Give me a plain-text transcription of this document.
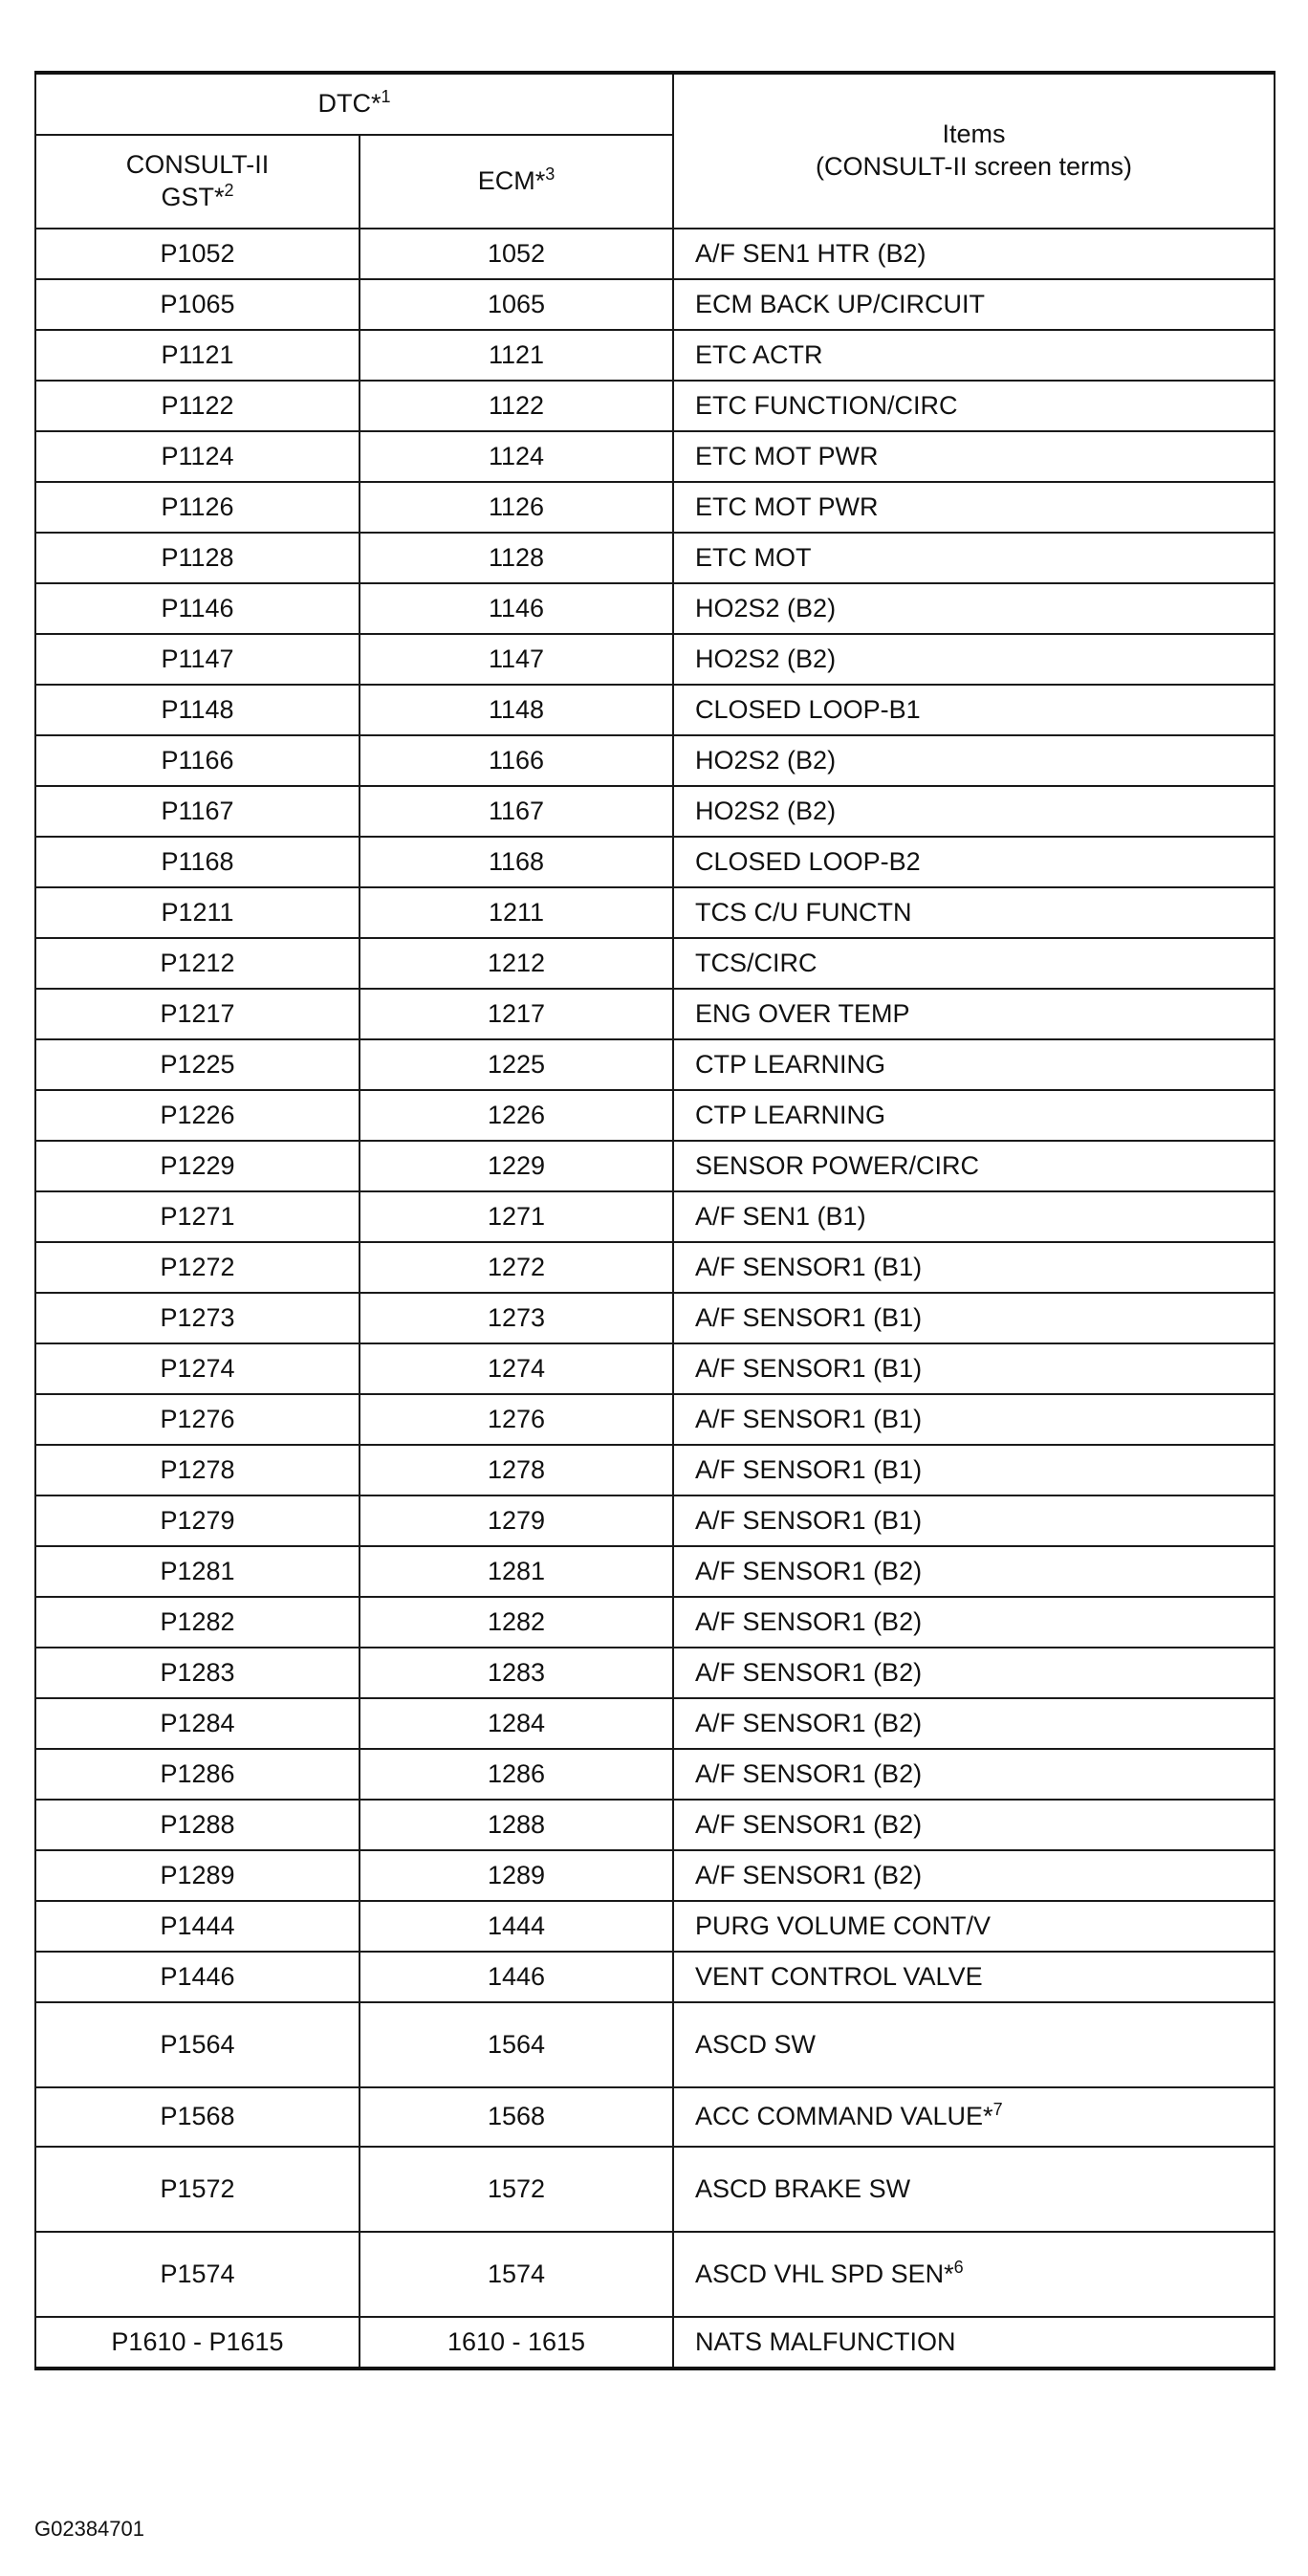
DTC*$^1$		Items
(CONSULT-II screen terms)
CONSULT-II
GST*$^2$	ECM*$^3$
P1052	1052	A/F SEN1 HTR (B2)
P1065	1065	ECM BACK UP/CIRCUIT
P1121	1121	ETC ACTR
P1122	1122	ETC FUNCTION/CIRC
P1124	1124	ETC MOT PWR
P1126	1126	ETC MOT PWR
P1128	1128	ETC MOT
P1146	1146	HO2S2 (B2)
P1147	1147	HO2S2 (B2)
P1148	1148	CLOSED LOOP-B1
P1166	1166	HO2S2 (B2)
P1167	1167	HO2S2 (B2)
P1168	1168	CLOSED LOOP-B2
P1211	1211	TCS C/U FUNCTN
P1212	1212	TCS/CIRC
P1217	1217	ENG OVER TEMP
P1225	1225	CTP LEARNING
P1226	1226	CTP LEARNING
P1229	1229	SENSOR POWER/CIRC
P1271	1271	A/F SEN1 (B1)
P1272	1272	A/F SENSOR1 (B1)
P1273	1273	A/F SENSOR1 (B1)
P1274	1274	A/F SENSOR1 (B1)
P1276	1276	A/F SENSOR1 (B1)
P1278	1278	A/F SENSOR1 (B1)
P1279	1279	A/F SENSOR1 (B1)
P1281	1281	A/F SENSOR1 (B2)
P1282	1282	A/F SENSOR1 (B2)
P1283	1283	A/F SENSOR1 (B2)
P1284	1284	A/F SENSOR1 (B2)
P1286	1286	A/F SENSOR1 (B2)
P1288	1288	A/F SENSOR1 (B2)
P1289	1289	A/F SENSOR1 (B2)
P1444	1444	PURG VOLUME CONT/V
P1446	1446	VENT CONTROL VALVE
P1564	1564	ASCD SW
P1568	1568	ACC COMMAND VALUE*$^7$
P1572	1572	ASCD BRAKE SW
P1574	1574	ASCD VHL SPD SEN*$^6$
P1610 - P1615	1610 - 1615	NATS MALFUNCTION
G02384701
